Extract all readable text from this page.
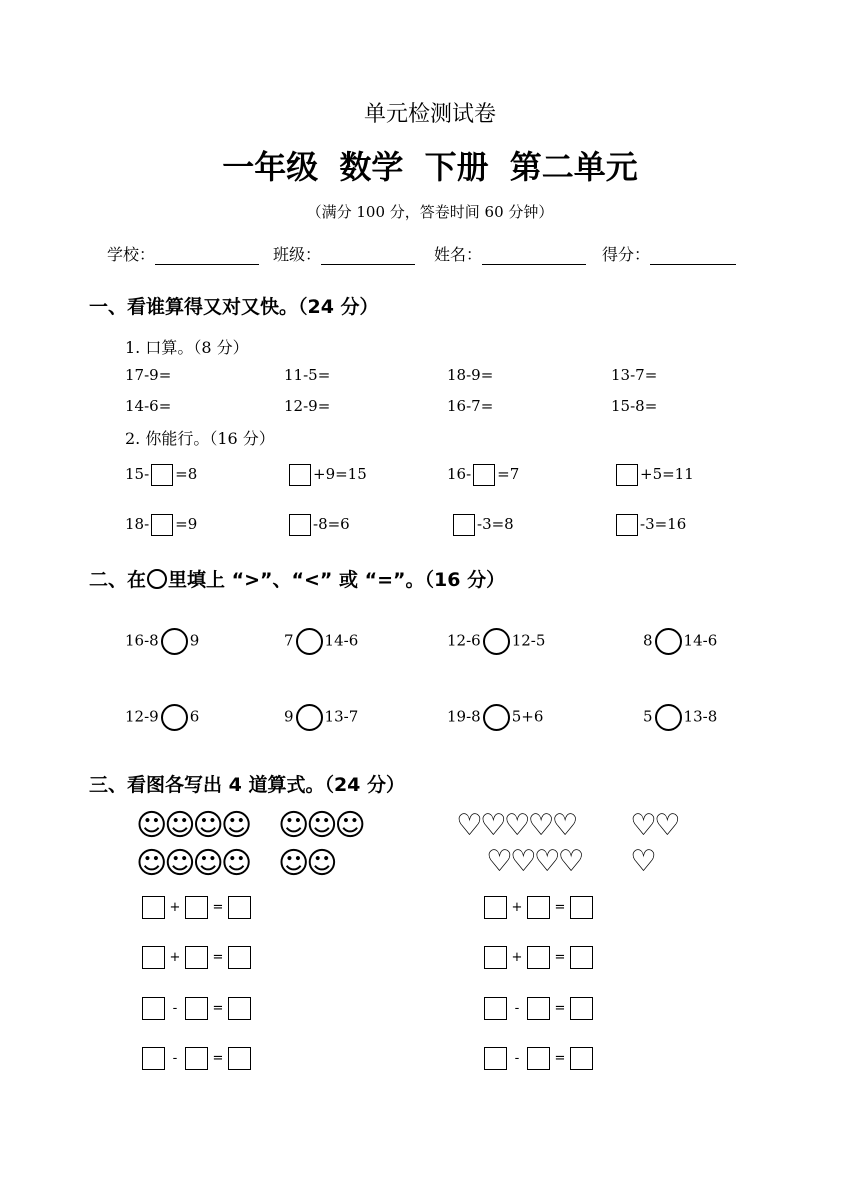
单元检测试卷
一年级 数学 下册 第二单元
（满分 100 分，答卷时间 60 分钟）
学校：	班级：	姓名：	得分：
一、看谁算得又对又快。（24 分）
1. 口算。（8 分）
17-9=	11-5=	18-9=	13-7=
14-6=	12-9=	16-7=	15-8=
2. 你能行。（16 分）
15- =8	+9=15	16- =7	+5=11
18- =9	-8=6	-3=8	-3=16
二、在 里填上 “>”、“<” 或 “=”。（16 分）
16-8 9	7 14-6	12-6 12-5	8 14-6
12-9 6	9 13-7	19-8 5+6	5 13-8
三、看图各写出 4 道算式。（24 分）
☺☺☺☺ ☺☺☺
☺☺☺☺ ☺☺
♡♡♡♡♡ ♡♡
♡♡♡♡ ♡
+ =
+ =
-	=
-	=
+ =
+ =
-	=
-	=
